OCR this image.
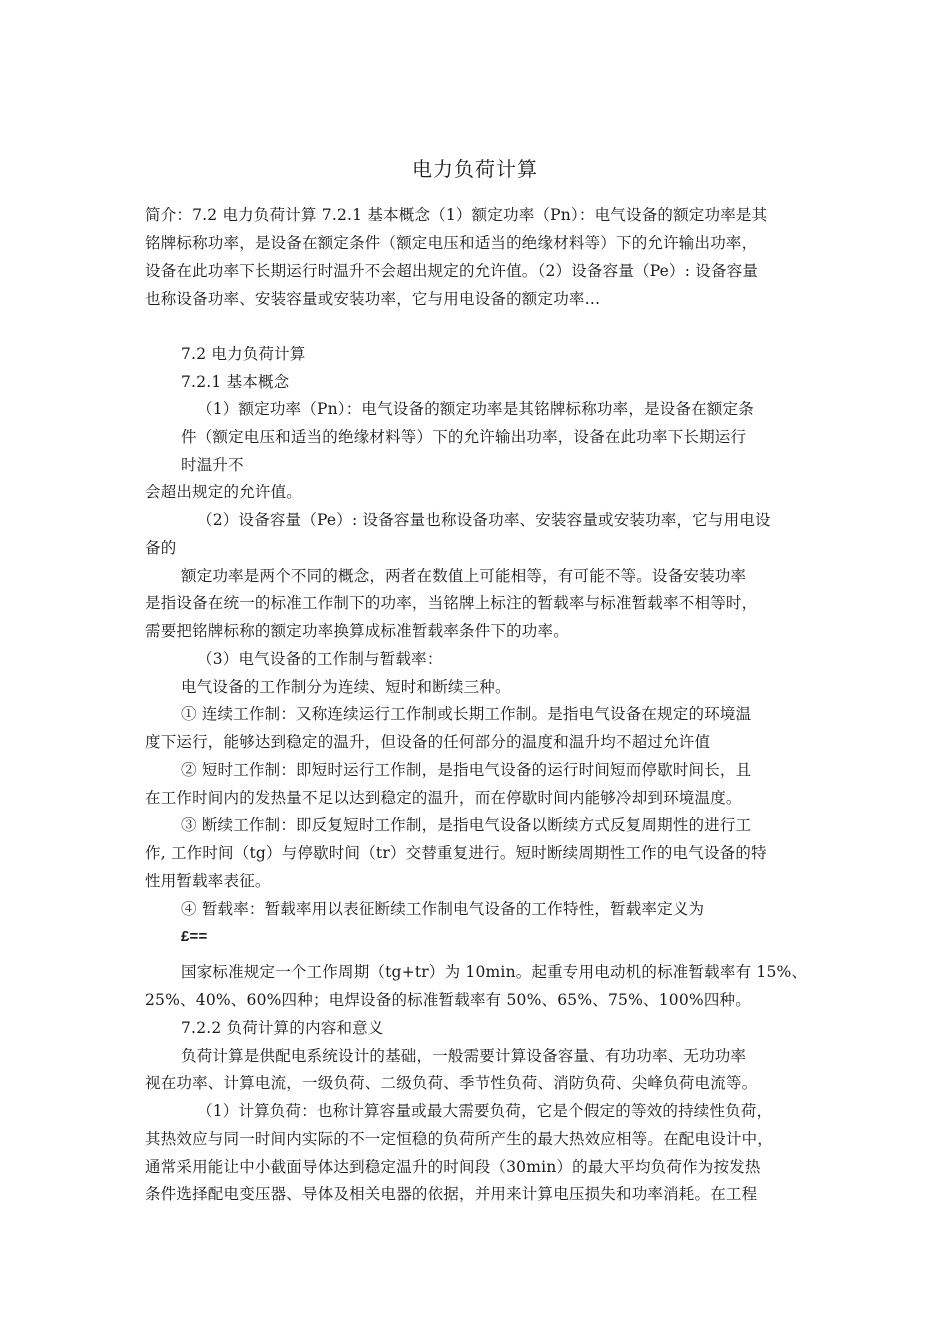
电力负荷计算
简介：7.2 电力负荷计算 7.2.1 基本概念（1）额定功率（Pn）：电气设备的额定功率是其
铭牌标称功率，是设备在额定条件（额定电压和适当的绝缘材料等）下的允许输出功率，
设备在此功率下长期运行时温升不会超出规定的允许值。（2）设备容量（Pe）: 设备容量
也称设备功率、安装容量或安装功率，它与用电设备的额定功率…
7.2 电力负荷计算
7.2.1 基本概念
（1）额定功率（Pn）：电气设备的额定功率是其铭牌标称功率，是设备在额定条
件（额定电压和适当的绝缘材料等）下的允许输出功率，设备在此功率下长期运行
时温升不
会超出规定的允许值。
（2）设备容量（Pe）: 设备容量也称设备功率、安装容量或安装功率，它与用电设
备的
额定功率是两个不同的概念，两者在数值上可能相等，有可能不等。设备安装功率
是指设备在统一的标准工作制下的功率，当铭牌上标注的暂载率与标准暂载率不相等时，
需要把铭牌标称的额定功率换算成标准暂载率条件下的功率。
（3）电气设备的工作制与暂载率：
电气设备的工作制分为连续、短时和断续三种。
① 连续工作制：又称连续运行工作制或长期工作制。是指电气设备在规定的环境温
度下运行，能够达到稳定的温升，但设备的任何部分的温度和温升均不超过允许值
② 短时工作制：即短时运行工作制，是指电气设备的运行时间短而停歇时间长，且
在工作时间内的发热量不足以达到稳定的温升，而在停歇时间内能够冷却到环境温度。
③ 断续工作制：即反复短时工作制，是指电气设备以断续方式反复周期性的进行工
作, 工作时间（tg）与停歇时间（tr）交替重复进行。短时断续周期性工作的电气设备的特
性用暂载率表征。
④ 暂载率：暂载率用以表征断续工作制电气设备的工作特性，暂载率定义为
£==
国家标准规定一个工作周期（tg+tr）为 10min。起重专用电动机的标准暂载率有 15%、
25%、40%、60%四种；电焊设备的标准暂载率有 50%、65%、75%、100%四种。
7.2.2 负荷计算的内容和意义
负荷计算是供配电系统设计的基础，一般需要计算设备容量、有功功率、无功功率
视在功率、计算电流，一级负荷、二级负荷、季节性负荷、消防负荷、尖峰负荷电流等。
（1）计算负荷：也称计算容量或最大需要负荷，它是个假定的等效的持续性负荷，
其热效应与同一时间内实际的不一定恒稳的负荷所产生的最大热效应相等。在配电设计中，
通常采用能让中小截面导体达到稳定温升的时间段（30min）的最大平均负荷作为按发热
条件选择配电变压器、导体及相关电器的依据，并用来计算电压损失和功率消耗。在工程
